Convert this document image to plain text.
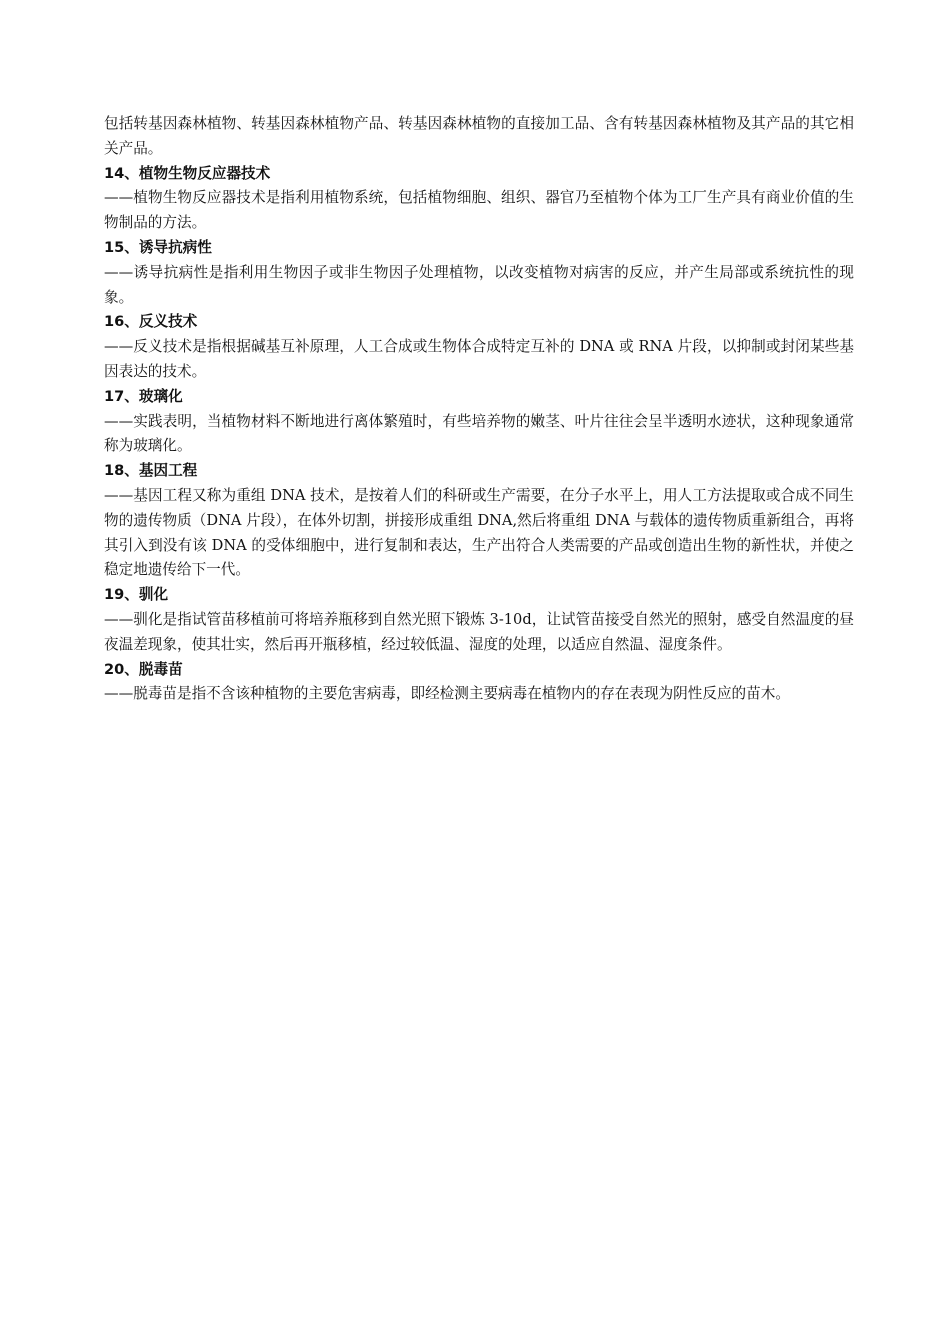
包括转基因森林植物、转基因森林植物产品、转基因森林植物的直接加工品、含有转基因森林植物及其产品的其它相关产品。

14、植物生物反应器技术

——植物生物反应器技术是指利用植物系统，包括植物细胞、组织、器官乃至植物个体为工厂生产具有商业价值的生物制品的方法。

15、诱导抗病性

——诱导抗病性是指利用生物因子或非生物因子处理植物，以改变植物对病害的反应，并产生局部或系统抗性的现象。

16、反义技术

——反义技术是指根据碱基互补原理，人工合成或生物体合成特定互补的 DNA 或 RNA 片段，以抑制或封闭某些基因表达的技术。

17、玻璃化

——实践表明，当植物材料不断地进行离体繁殖时，有些培养物的嫩茎、叶片往往会呈半透明水迹状，这种现象通常称为玻璃化。

18、基因工程

——基因工程又称为重组 DNA 技术，是按着人们的科研或生产需要，在分子水平上，用人工方法提取或合成不同生物的遗传物质（DNA 片段），在体外切割，拼接形成重组 DNA,然后将重组 DNA 与载体的遗传物质重新组合，再将其引入到没有该 DNA 的受体细胞中，进行复制和表达，生产出符合人类需要的产品或创造出生物的新性状，并使之稳定地遗传给下一代。

19、驯化

——驯化是指试管苗移植前可将培养瓶移到自然光照下锻炼 3-10d，让试管苗接受自然光的照射，感受自然温度的昼夜温差现象，使其壮实，然后再开瓶移植，经过较低温、湿度的处理，以适应自然温、湿度条件。

20、脱毒苗

——脱毒苗是指不含该种植物的主要危害病毒，即经检测主要病毒在植物内的存在表现为阴性反应的苗木。
